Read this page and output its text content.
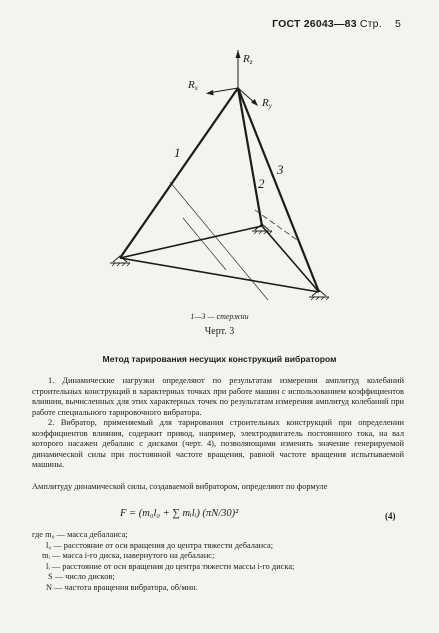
ГОСТ 26043—83 Стр. 5
Rz
Rx
Ry
1
2
3
1—3 — стержни
Черт. 3
Метод тарирования несущих конструкций вибратором

1. Динамические нагрузки определяют по результатам измерения амплитуд колебаний строительных конструкций в характерных точках при работе машин с использованием коэффициентов влияния, вычисленных для этих характерных точек по результатам измерения амплитуд колебаний при работе специального тарировочного вибратора.

2. Вибратор, применяемый для тарирования строительных конструкций при определении коэффициентов влияния, содержит привод, например, электродвигатель постоянного тока, на вал которого насажен дебаланс с дисками (черт. 4), позволяющими изменять значение генерируемой динамической силы при постоянной частоте вращения, равной частоте вращения испытываемой машины.

Амплитуду динамической силы, создаваемой вибратором, определяют по формуле

F = (m₀l₀ + ∑ mᵢlᵢ) (πN/30)²	(4)
где m₀ — масса дебаланса;
l₀ — расстояние от оси вращения до центра тяжести дебаланса;
mᵢ — масса i-го диска, навернутого на дебаланс;
lᵢ — расстояние от оси вращения до центра тяжести массы i-го диска;
S — число дисков;
N — частота вращения вибратора, об/мин.
